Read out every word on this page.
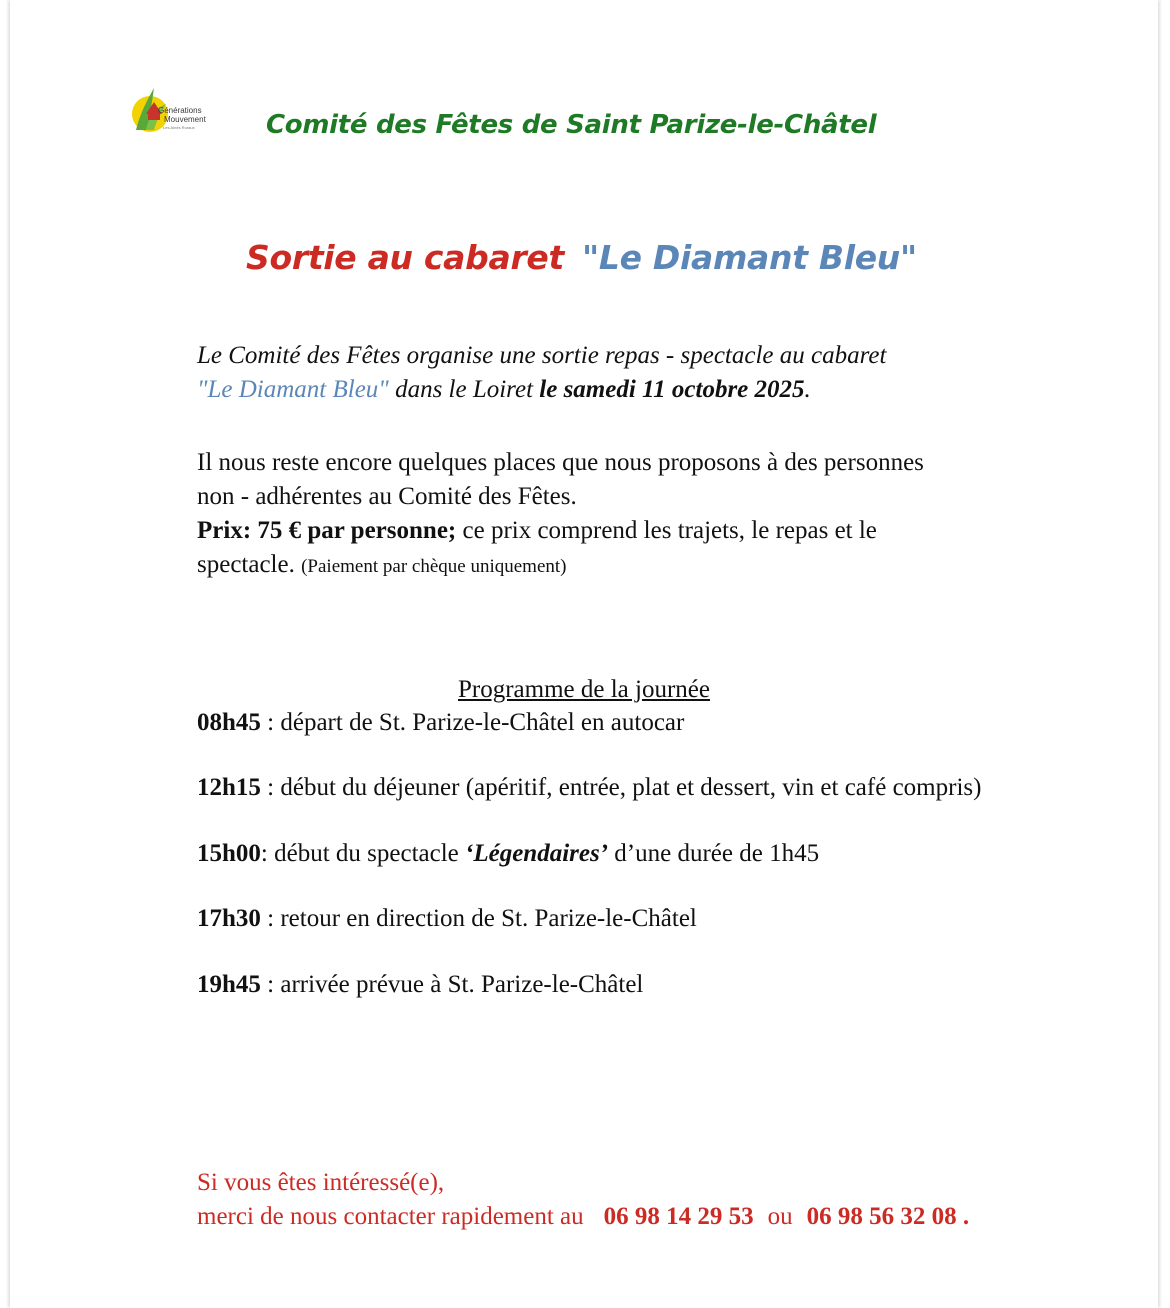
Générations
Mouvement
Les Aînés Ruraux	Comité des Fêtes de Saint Parize-le-Châtel
Sortie au cabaret "Le Diamant Bleu"
Le Comité des Fêtes organise une sortie repas - spectacle au cabaret
"Le Diamant Bleu" dans le Loiret le samedi 11 octobre 2025.
Il nous reste encore quelques places que nous proposons à des personnes
non - adhérentes au Comité des Fêtes.
Prix: 75 € par personne; ce prix comprend les trajets, le repas et le
spectacle. (Paiement par chèque uniquement)
Programme de la journée
08h45 : départ de St. Parize-le-Châtel en autocar
12h15 : début du déjeuner (apéritif, entrée, plat et dessert, vin et café compris)
15h00: début du spectacle ‘Légendaires’ d’une durée de 1h45
17h30 : retour en direction de St. Parize-le-Châtel
19h45 : arrivée prévue à St. Parize-le-Châtel
Si vous êtes intéressé(e),
merci de nous contacter rapidement au 06 98 14 29 53 ou 06 98 56 32 08 .
